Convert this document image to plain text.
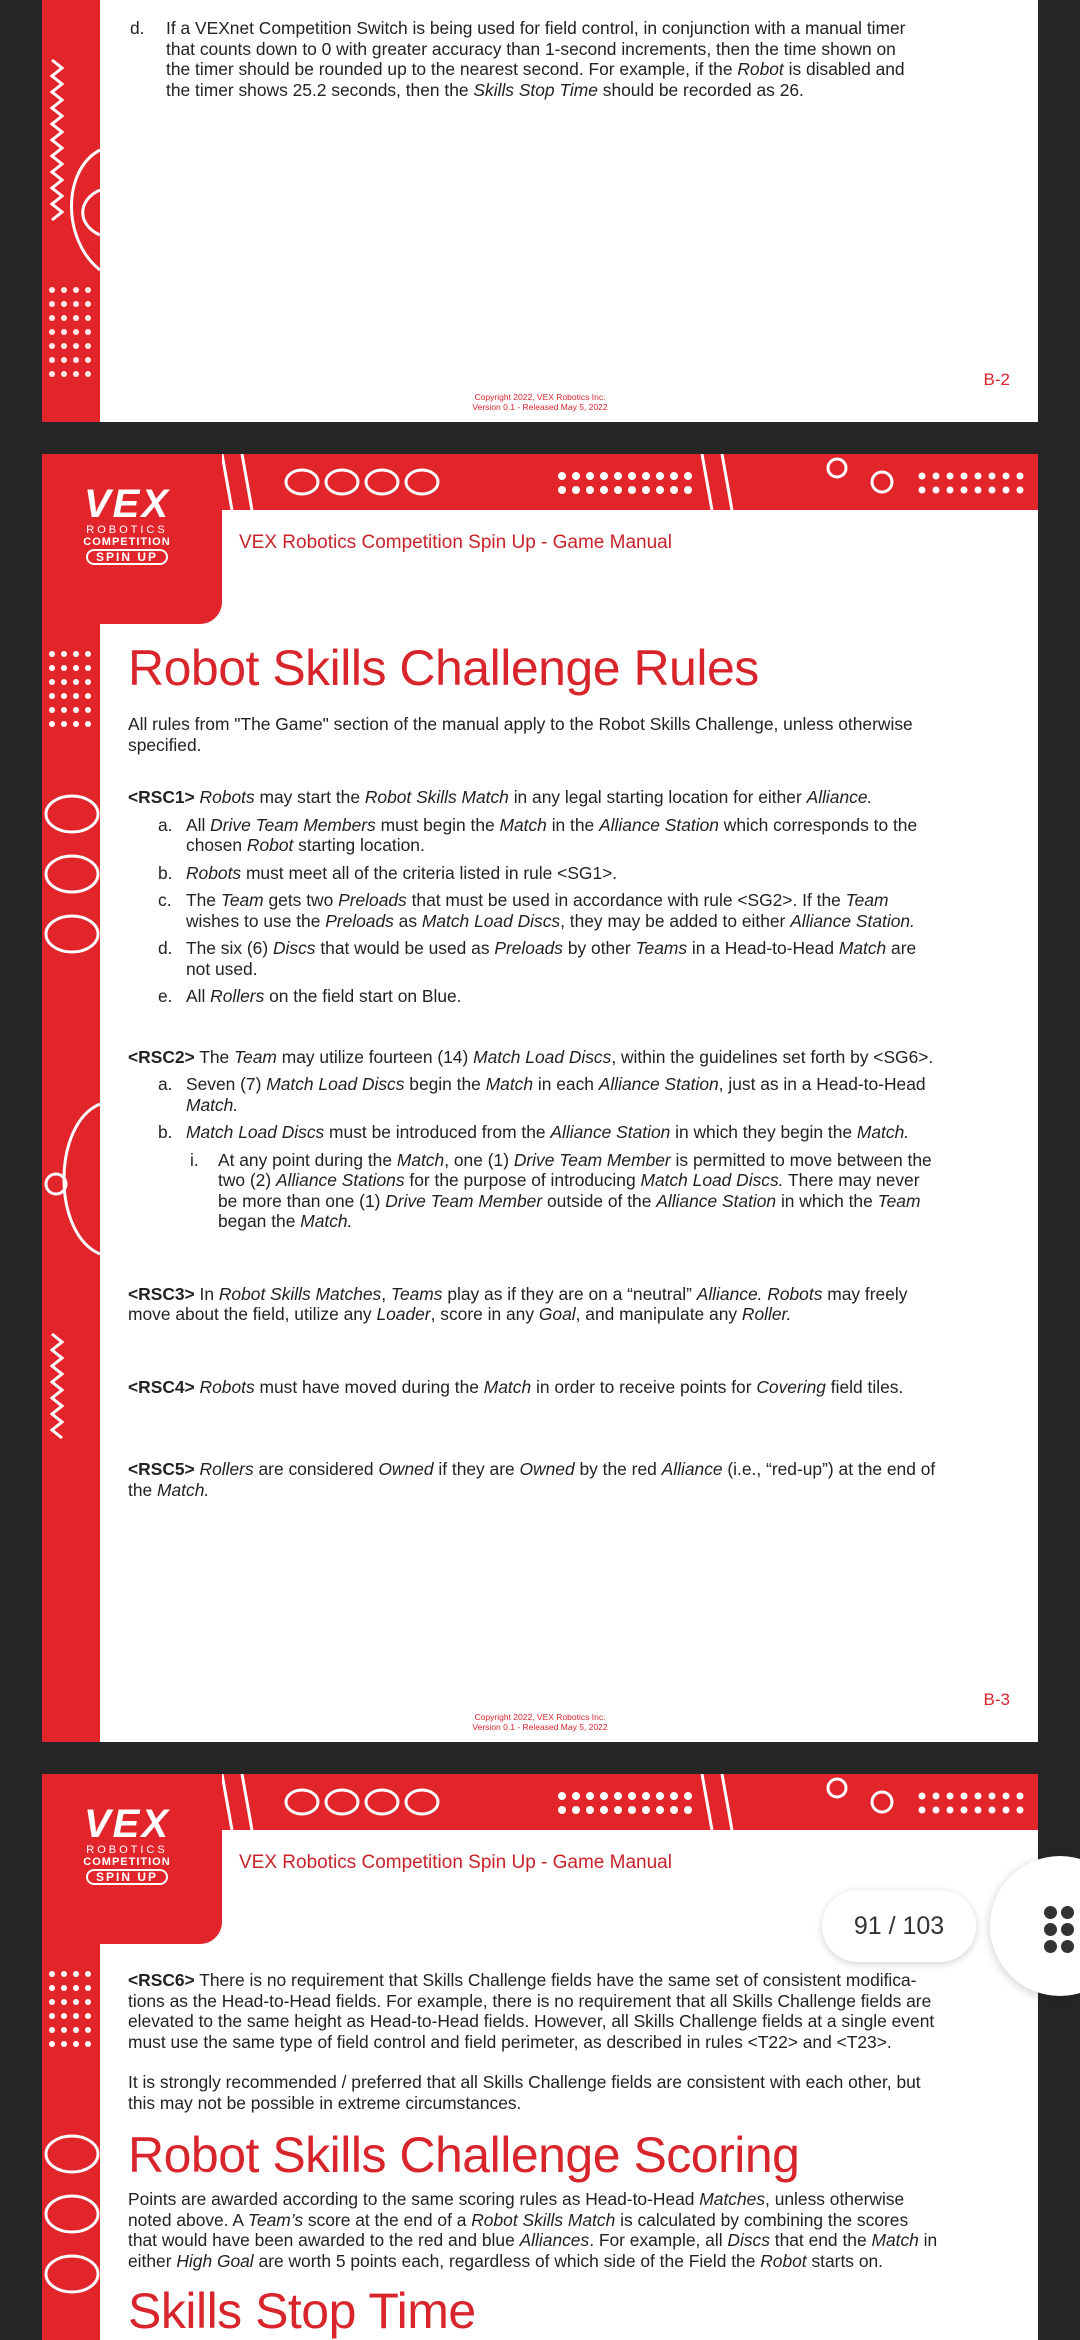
d. If a VEXnet Competition Switch is being used for field control, in conjunction with a manual timer
that counts down to 0 with greater accuracy than 1-second increments, then the time shown on
the timer should be rounded up to the nearest second. For example, if the Robot is disabled and
the timer shows 25.2 seconds, then the Skills Stop Time should be recorded as 26.
B-2
Copyright 2022, VEX Robotics Inc.
Version 0.1 - Released May 5, 2022
VEX
ROBOTICS
COMPETITION
SPIN UP
VEX Robotics Competition Spin Up - Game Manual
Robot Skills Challenge Rules
All rules from "The Game" section of the manual apply to the Robot Skills Challenge, unless otherwise
specified.
<RSC1> Robots may start the Robot Skills Match in any legal starting location for either Alliance.
a. All Drive Team Members must begin the Match in the Alliance Station which corresponds to the
chosen Robot starting location.
b. Robots must meet all of the criteria listed in rule <SG1>.
c. The Team gets two Preloads that must be used in accordance with rule <SG2>. If the Team
wishes to use the Preloads as Match Load Discs, they may be added to either Alliance Station.
d. The six (6) Discs that would be used as Preloads by other Teams in a Head-to-Head Match are
not used.
e. All Rollers on the field start on Blue.
<RSC2> The Team may utilize fourteen (14) Match Load Discs, within the guidelines set forth by <SG6>.
a. Seven (7) Match Load Discs begin the Match in each Alliance Station, just as in a Head-to-Head
Match.
b. Match Load Discs must be introduced from the Alliance Station in which they begin the Match.
i. At any point during the Match, one (1) Drive Team Member is permitted to move between the
two (2) Alliance Stations for the purpose of introducing Match Load Discs. There may never
be more than one (1) Drive Team Member outside of the Alliance Station in which the Team
began the Match.
<RSC3> In Robot Skills Matches, Teams play as if they are on a “neutral” Alliance. Robots may freely
move about the field, utilize any Loader, score in any Goal, and manipulate any Roller.
<RSC4> Robots must have moved during the Match in order to receive points for Covering field tiles.
<RSC5> Rollers are considered Owned if they are Owned by the red Alliance (i.e., “red-up”) at the end of
the Match.
B-3
Copyright 2022, VEX Robotics Inc.
Version 0.1 - Released May 5, 2022
VEX
ROBOTICS
COMPETITION
SPIN UP
VEX Robotics Competition Spin Up - Game Manual
<RSC6> There is no requirement that Skills Challenge fields have the same set of consistent modifica-
tions as the Head-to-Head fields. For example, there is no requirement that all Skills Challenge fields are
elevated to the same height as Head-to-Head fields. However, all Skills Challenge fields at a single event
must use the same type of field control and field perimeter, as described in rules <T22> and <T23>.
It is strongly recommended / preferred that all Skills Challenge fields are consistent with each other, but
this may not be possible in extreme circumstances.
Robot Skills Challenge Scoring
Points are awarded according to the same scoring rules as Head-to-Head Matches, unless otherwise
noted above. A Team’s score at the end of a Robot Skills Match is calculated by combining the scores
that would have been awarded to the red and blue Alliances. For example, all Discs that end the Match in
either High Goal are worth 5 points each, regardless of which side of the Field the Robot starts on.
Skills Stop Time
91 / 103
